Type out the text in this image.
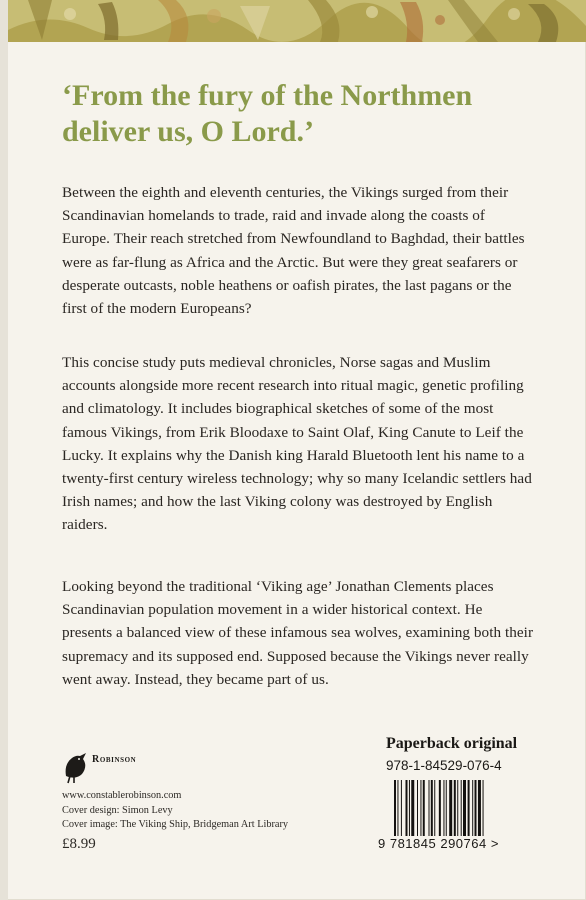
‘From the fury of the Northmen
deliver us, O Lord.’

Between the eighth and eleventh centuries, the Vikings surged from their Scandinavian homelands to trade, raid and invade along the coasts of Europe. Their reach stretched from Newfoundland to Baghdad, their battles were as far-flung as Africa and the Arctic. But were they great seafarers or desperate outcasts, noble heathens or oafish pirates, the last pagans or the first of the modern Europeans?

This concise study puts medieval chronicles, Norse sagas and Muslim accounts alongside more recent research into ritual magic, genetic profiling and climatology. It includes biographical sketches of some of the most famous Vikings, from Erik Bloodaxe to Saint Olaf, King Canute to Leif the Lucky. It explains why the Danish king Harald Bluetooth lent his name to a twenty-first century wireless technology; why so many Icelandic settlers had Irish names; and how the last Viking colony was destroyed by English raiders.

Looking beyond the traditional ‘Viking age’ Jonathan Clements places Scandinavian population movement in a wider historical context. He presents a balanced view of these infamous sea wolves, examining both their supremacy and its supposed end. Supposed because the Vikings never really went away. Instead, they became part of us.

Robinson
www.constablerobinson.com
Cover design: Simon Levy
Cover image: The Viking Ship, Bridgeman Art Library
£8.99
Paperback original
978-1-84529-076-4
9 781845 290764 >
